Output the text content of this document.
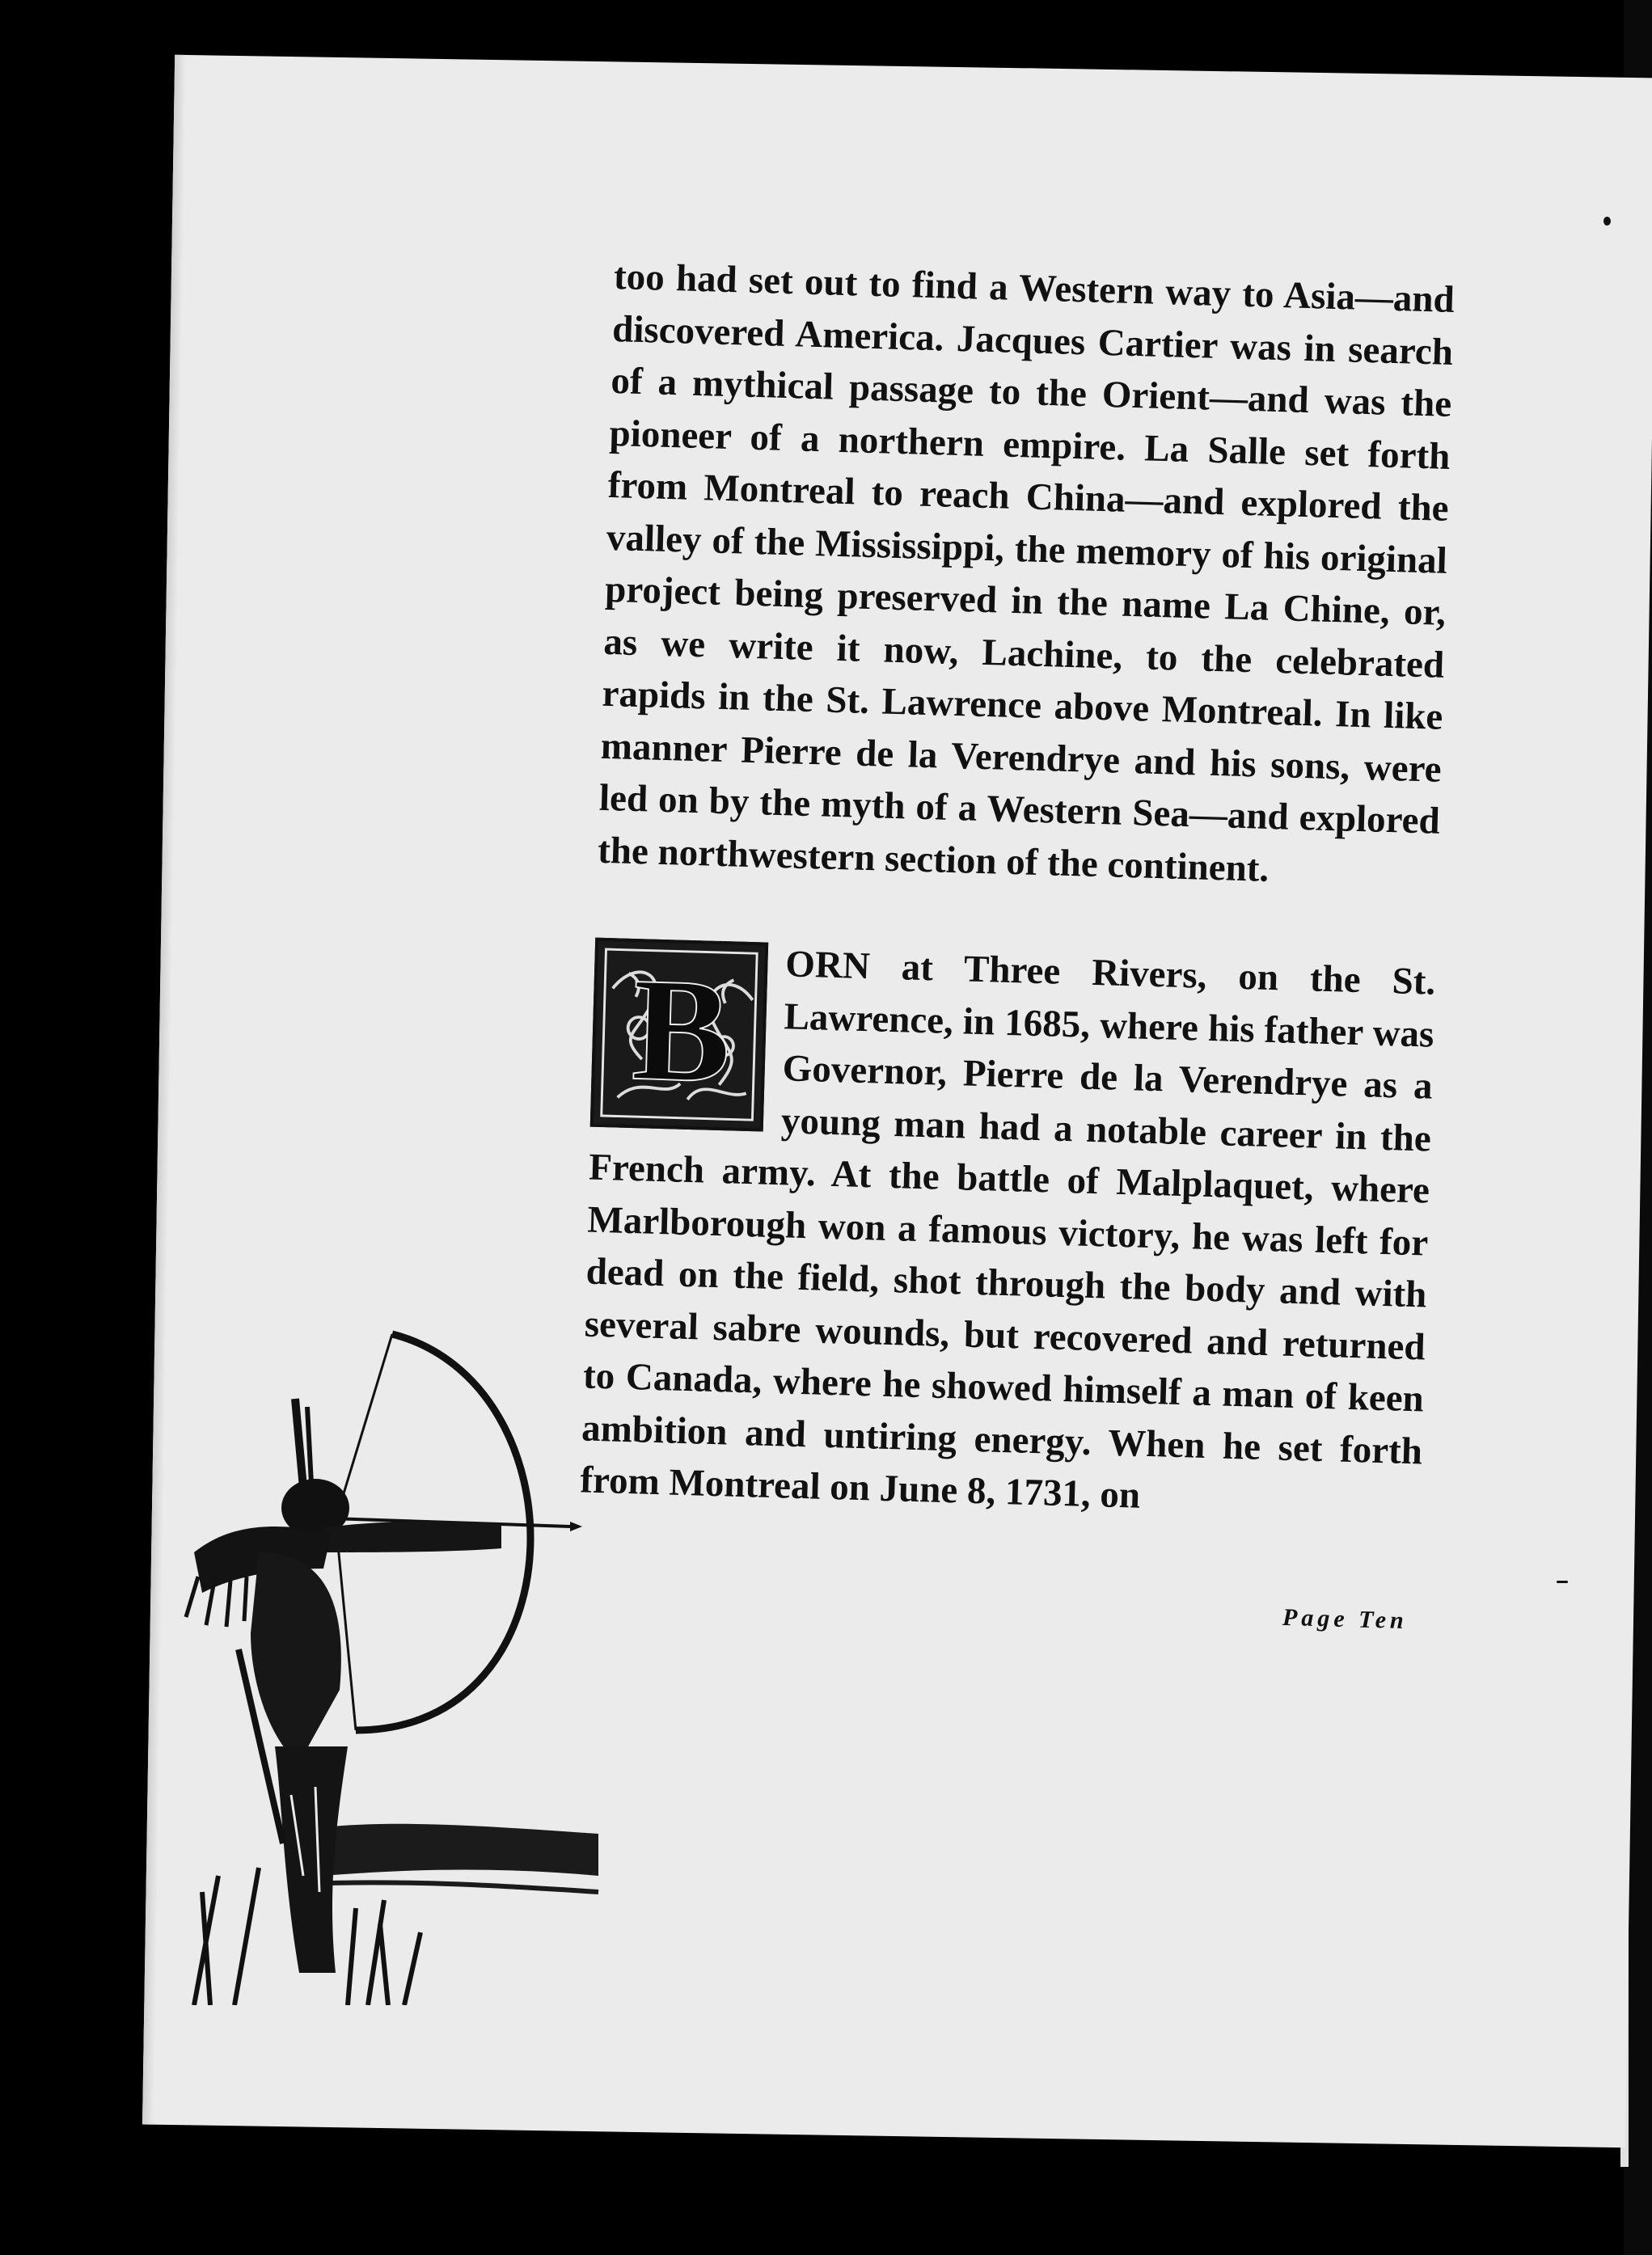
too had set out to find a Western way to Asia—and discovered America. Jacques Cartier was in search of a mythical passage to the Orient—and was the pioneer of a northern empire. La Salle set forth from Montreal to reach China—and explored the valley of the Mississippi, the memory of his original project being preserved in the name La Chine, or, as we write it now, Lachine, to the celebrated rapids in the St. Lawrence above Montreal. In like manner Pierre de la Verendrye and his sons, were led on by the myth of a Western Sea—and explored the northwestern section of the continent.

B	ORN at Three Rivers, on the St. Lawrence, in 1685, where his father was Governor, Pierre de la Verendrye as a young man had a notable career in the French army. At the battle of Malplaquet, where Marlborough won a famous victory, he was left for dead on the field, shot through the body and with several sabre wounds, but recovered and returned to Canada, where he showed himself a man of keen ambition and untiring energy. When he set forth from Montreal on June 8, 1731, on

Page Ten
